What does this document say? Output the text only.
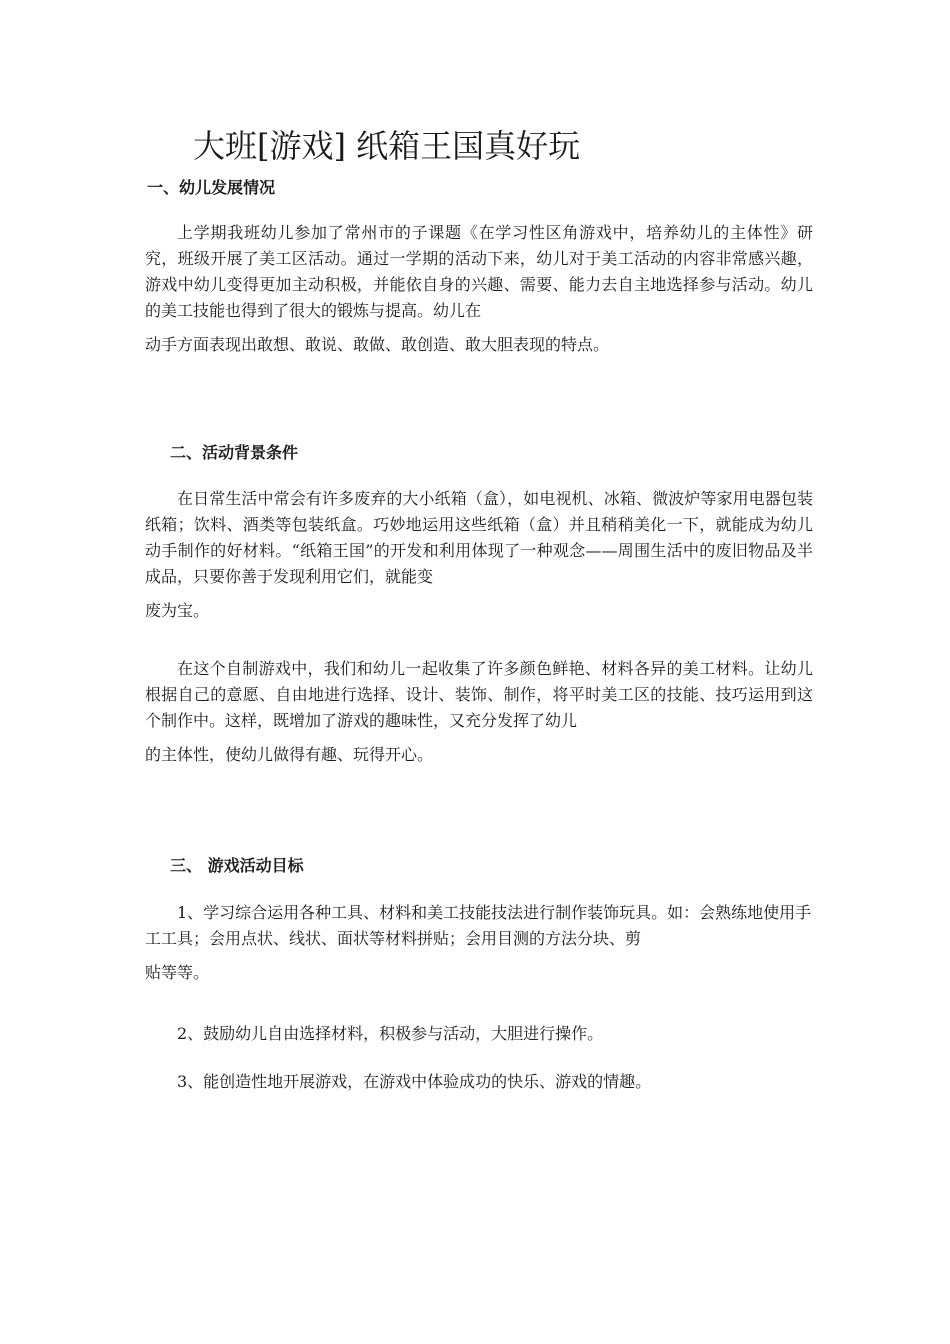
大班[游戏] 纸箱王国真好玩
一、幼儿发展情况

上学期我班幼儿参加了常州市的子课题《在学习性区角游戏中，培养幼儿的主体性》研究，班级开展了美工区活动。通过一学期的活动下来，幼儿对于美工活动的内容非常感兴趣，游戏中幼儿变得更加主动积极，并能依自身的兴趣、需要、能力去自主地选择参与活动。幼儿的美工技能也得到了很大的锻炼与提高。幼儿在
动手方面表现出敢想、敢说、敢做、敢创造、敢大胆表现的特点。

二、活动背景条件

在日常生活中常会有许多废弃的大小纸箱（盒），如电视机、冰箱、微波炉等家用电器包装纸箱；饮料、酒类等包装纸盒。巧妙地运用这些纸箱（盒）并且稍稍美化一下，就能成为幼儿动手制作的好材料。“纸箱王国”的开发和利用体现了一种观念——周围生活中的废旧物品及半成品，只要你善于发现利用它们，就能变
废为宝。

在这个自制游戏中，我们和幼儿一起收集了许多颜色鲜艳、材料各异的美工材料。让幼儿根据自己的意愿、自由地进行选择、设计、装饰、制作，将平时美工区的技能、技巧运用到这个制作中。这样，既增加了游戏的趣味性，又充分发挥了幼儿
的主体性，使幼儿做得有趣、玩得开心。

三、 游戏活动目标

1、学习综合运用各种工具、材料和美工技能技法进行制作装饰玩具。如：会熟练地使用手工工具；会用点状、线状、面状等材料拼贴；会用目测的方法分块、剪
贴等等。

2、鼓励幼儿自由选择材料，积极参与活动，大胆进行操作。

3、能创造性地开展游戏，在游戏中体验成功的快乐、游戏的情趣。
